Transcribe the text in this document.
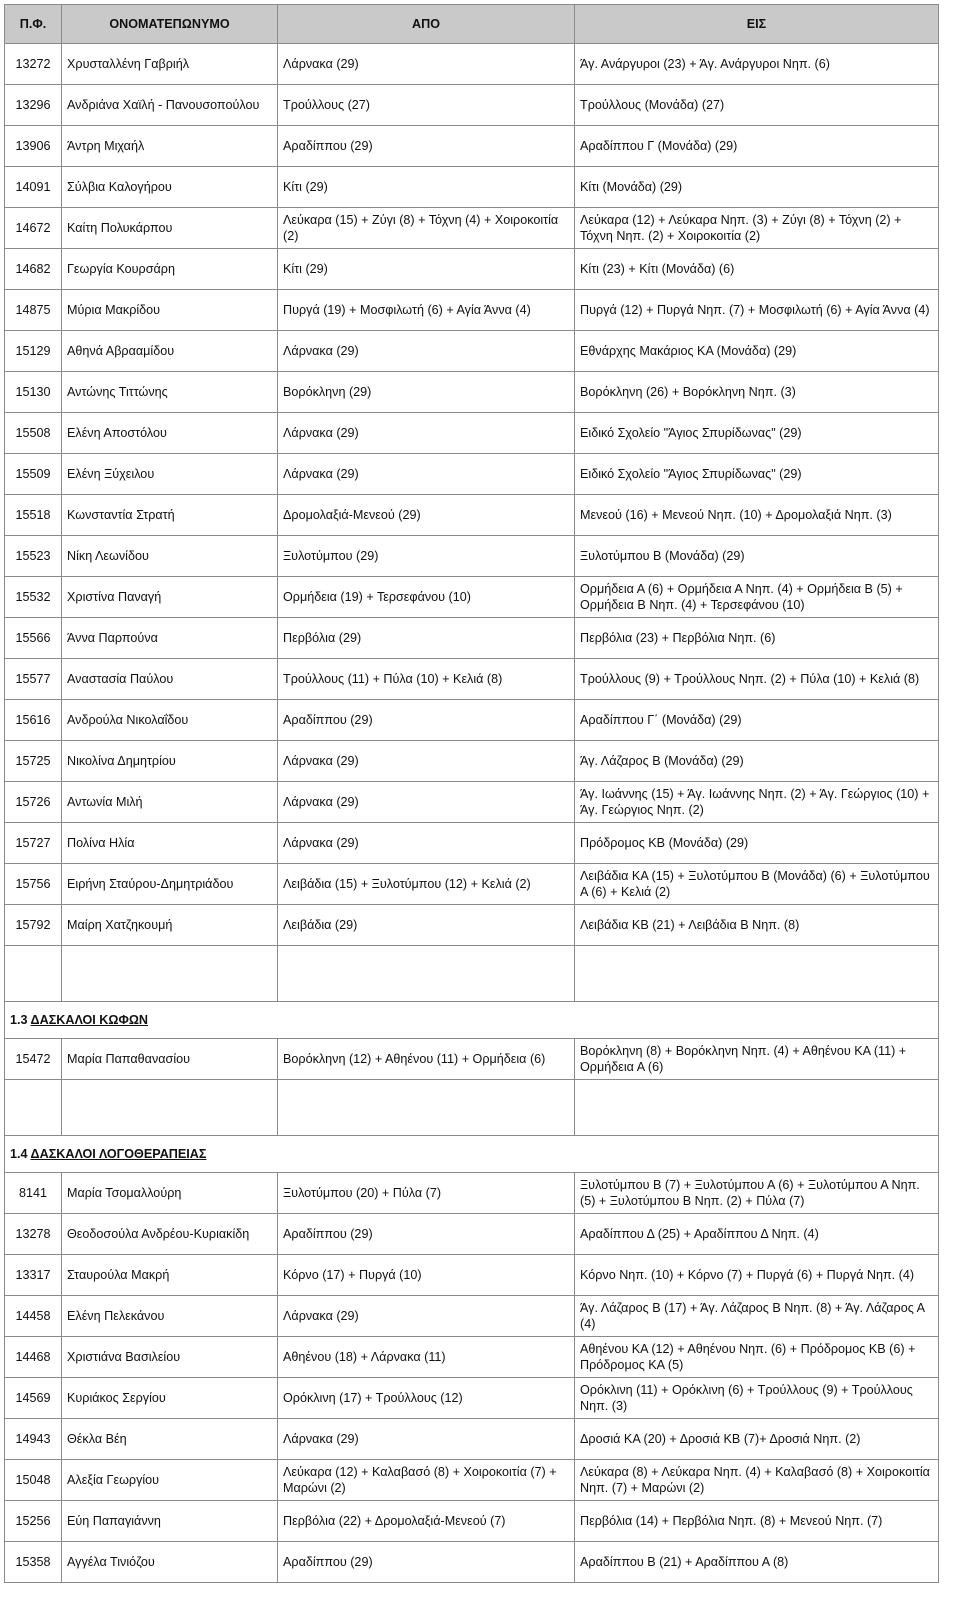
Π.Φ.	ΟΝΟΜΑΤΕΠΩΝΥΜΟ	ΑΠΟ	ΕΙΣ
13272	Χρυσταλλένη Γαβριήλ	Λάρνακα (29)	Άγ. Ανάργυροι (23) + Άγ. Ανάργυροι Νηπ. (6)
13296	Ανδριάνα Χαϊλή - Πανουσοπούλου	Τρούλλους (27)	Τρούλλους (Μονάδα) (27)
13906	Άντρη Μιχαήλ	Αραδίππου (29)	Αραδίππου Γ (Μονάδα) (29)
14091	Σύλβια Καλογήρου	Κίτι (29)	Κίτι (Μονάδα) (29)
14672	Καίτη Πολυκάρπου	Λεύκαρα (15) + Ζύγι (8) + Τόχνη (4) + Χοιροκοιτία (2)	Λεύκαρα (12) + Λεύκαρα Νηπ. (3) + Ζύγι (8) + Τόχνη (2) + Τόχνη Νηπ. (2) + Χοιροκοιτία (2)
14682	Γεωργία Κουρσάρη	Κίτι (29)	Κίτι (23) + Κίτι (Μονάδα) (6)
14875	Μύρια Μακρίδου	Πυργά (19) + Μοσφιλωτή (6) + Αγία Άννα (4)	Πυργά (12) + Πυργά Νηπ. (7) + Μοσφιλωτή (6) + Αγία Άννα (4)
15129	Αθηνά Αβρααμίδου	Λάρνακα (29)	Εθνάρχης Μακάριος ΚΑ (Μονάδα) (29)
15130	Αντώνης Τιττώνης	Βορόκληνη (29)	Βορόκληνη (26) + Βορόκληνη Νηπ. (3)
15508	Ελένη Αποστόλου	Λάρνακα (29)	Ειδικό Σχολείο "Άγιος Σπυρίδωνας" (29)
15509	Ελένη Ξύχειλου	Λάρνακα (29)	Ειδικό Σχολείο "Άγιος Σπυρίδωνας" (29)
15518	Κωνσταντία Στρατή	Δρομολαξιά-Μενεού (29)	Μενεού (16) + Μενεού Νηπ. (10) + Δρομολαξιά Νηπ. (3)
15523	Νίκη Λεωνίδου	Ξυλοτύμπου (29)	Ξυλοτύμπου Β (Μονάδα) (29)
15532	Χριστίνα Παναγή	Ορμήδεια (19) + Τερσεφάνου (10)	Ορμήδεια Α (6) + Ορμήδεια Α Νηπ. (4) + Ορμήδεια Β (5) + Ορμήδεια Β Νηπ. (4) + Τερσεφάνου (10)
15566	Άννα Παρπούνα	Περβόλια (29)	Περβόλια (23) + Περβόλια Νηπ. (6)
15577	Αναστασία Παύλου	Τρούλλους (11) + Πύλα (10) + Κελιά (8)	Τρούλλους (9) + Τρούλλους Νηπ. (2) + Πύλα (10) + Κελιά (8)
15616	Ανδρούλα Νικολαΐδου	Αραδίππου (29)	Αραδίππου Γ΄ (Μονάδα) (29)
15725	Νικολίνα Δημητρίου	Λάρνακα (29)	Άγ. Λάζαρος Β (Μονάδα) (29)
15726	Αντωνία Μιλή	Λάρνακα (29)	Άγ. Ιωάννης (15) + Άγ. Ιωάννης Νηπ. (2) + Άγ. Γεώργιος (10) + Άγ. Γεώργιος Νηπ. (2)
15727	Πολίνα Ηλία	Λάρνακα (29)	Πρόδρομος ΚΒ (Μονάδα) (29)
15756	Ειρήνη Σταύρου-Δημητριάδου	Λειβάδια (15) + Ξυλοτύμπου (12) + Κελιά (2)	Λειβάδια ΚΑ (15) + Ξυλοτύμπου Β (Μονάδα) (6) + Ξυλοτύμπου Α (6) + Κελιά (2)
15792	Μαίρη Χατζηκουμή	Λειβάδια (29)	Λειβάδια ΚΒ (21) + Λειβάδια Β Νηπ. (8)

1.3 ΔΑΣΚΑΛΟΙ ΚΩΦΩΝ			
15472	Μαρία Παπαθανασίου	Βορόκληνη (12) + Αθηένου (11) + Ορμήδεια (6)	Βορόκληνη (8) + Βορόκληνη Νηπ. (4) + Αθηένου ΚΑ (11) + Ορμήδεια Α (6)

1.4 ΔΑΣΚΑΛΟΙ ΛΟΓΟΘΕΡΑΠΕΙΑΣ			
8141	Μαρία Τσομαλλούρη	Ξυλοτύμπου (20) + Πύλα (7)	Ξυλοτύμπου Β (7) + Ξυλοτύμπου Α (6) + Ξυλοτύμπου Α Νηπ. (5) + Ξυλοτύμπου Β Νηπ. (2) + Πύλα (7)
13278	Θεοδοσούλα Ανδρέου-Κυριακίδη	Αραδίππου (29)	Αραδίππου Δ (25) + Αραδίππου Δ Νηπ. (4)
13317	Σταυρούλα Μακρή	Κόρνο (17) + Πυργά (10)	Κόρνο Νηπ. (10) + Κόρνο (7) + Πυργά (6) + Πυργά Νηπ. (4)
14458	Ελένη Πελεκάνου	Λάρνακα (29)	Άγ. Λάζαρος Β (17) + Άγ. Λάζαρος Β Νηπ. (8) + Άγ. Λάζαρος Α (4)
14468	Χριστιάνα Βασιλείου	Αθηένου (18) + Λάρνακα (11)	Αθηένου ΚΑ (12) + Αθηένου Νηπ. (6) + Πρόδρομος ΚΒ (6) + Πρόδρομος ΚΑ (5)
14569	Κυριάκος Σεργίου	Ορόκλινη (17) + Τρούλλους (12)	Ορόκλινη (11) + Ορόκλινη (6) + Τρούλλους (9) + Τρούλλους Νηπ. (3)
14943	Θέκλα Βέη	Λάρνακα (29)	Δροσιά ΚΑ (20) + Δροσιά ΚΒ (7)+ Δροσιά Νηπ. (2)
15048	Αλεξία Γεωργίου	Λεύκαρα (12) + Καλαβασό (8) + Χοιροκοιτία (7) + Μαρώνι (2)	Λεύκαρα (8) + Λεύκαρα Νηπ. (4) + Καλαβασό (8) + Χοιροκοιτία Νηπ. (7) + Μαρώνι (2)
15256	Εύη Παπαγιάννη	Περβόλια (22) + Δρομολαξιά-Μενεού (7)	Περβόλια (14) + Περβόλια Νηπ. (8) + Μενεού Νηπ. (7)
15358	Αγγέλα Τινιόζου	Αραδίππου (29)	Αραδίππου Β (21) + Αραδίππου Α (8)
